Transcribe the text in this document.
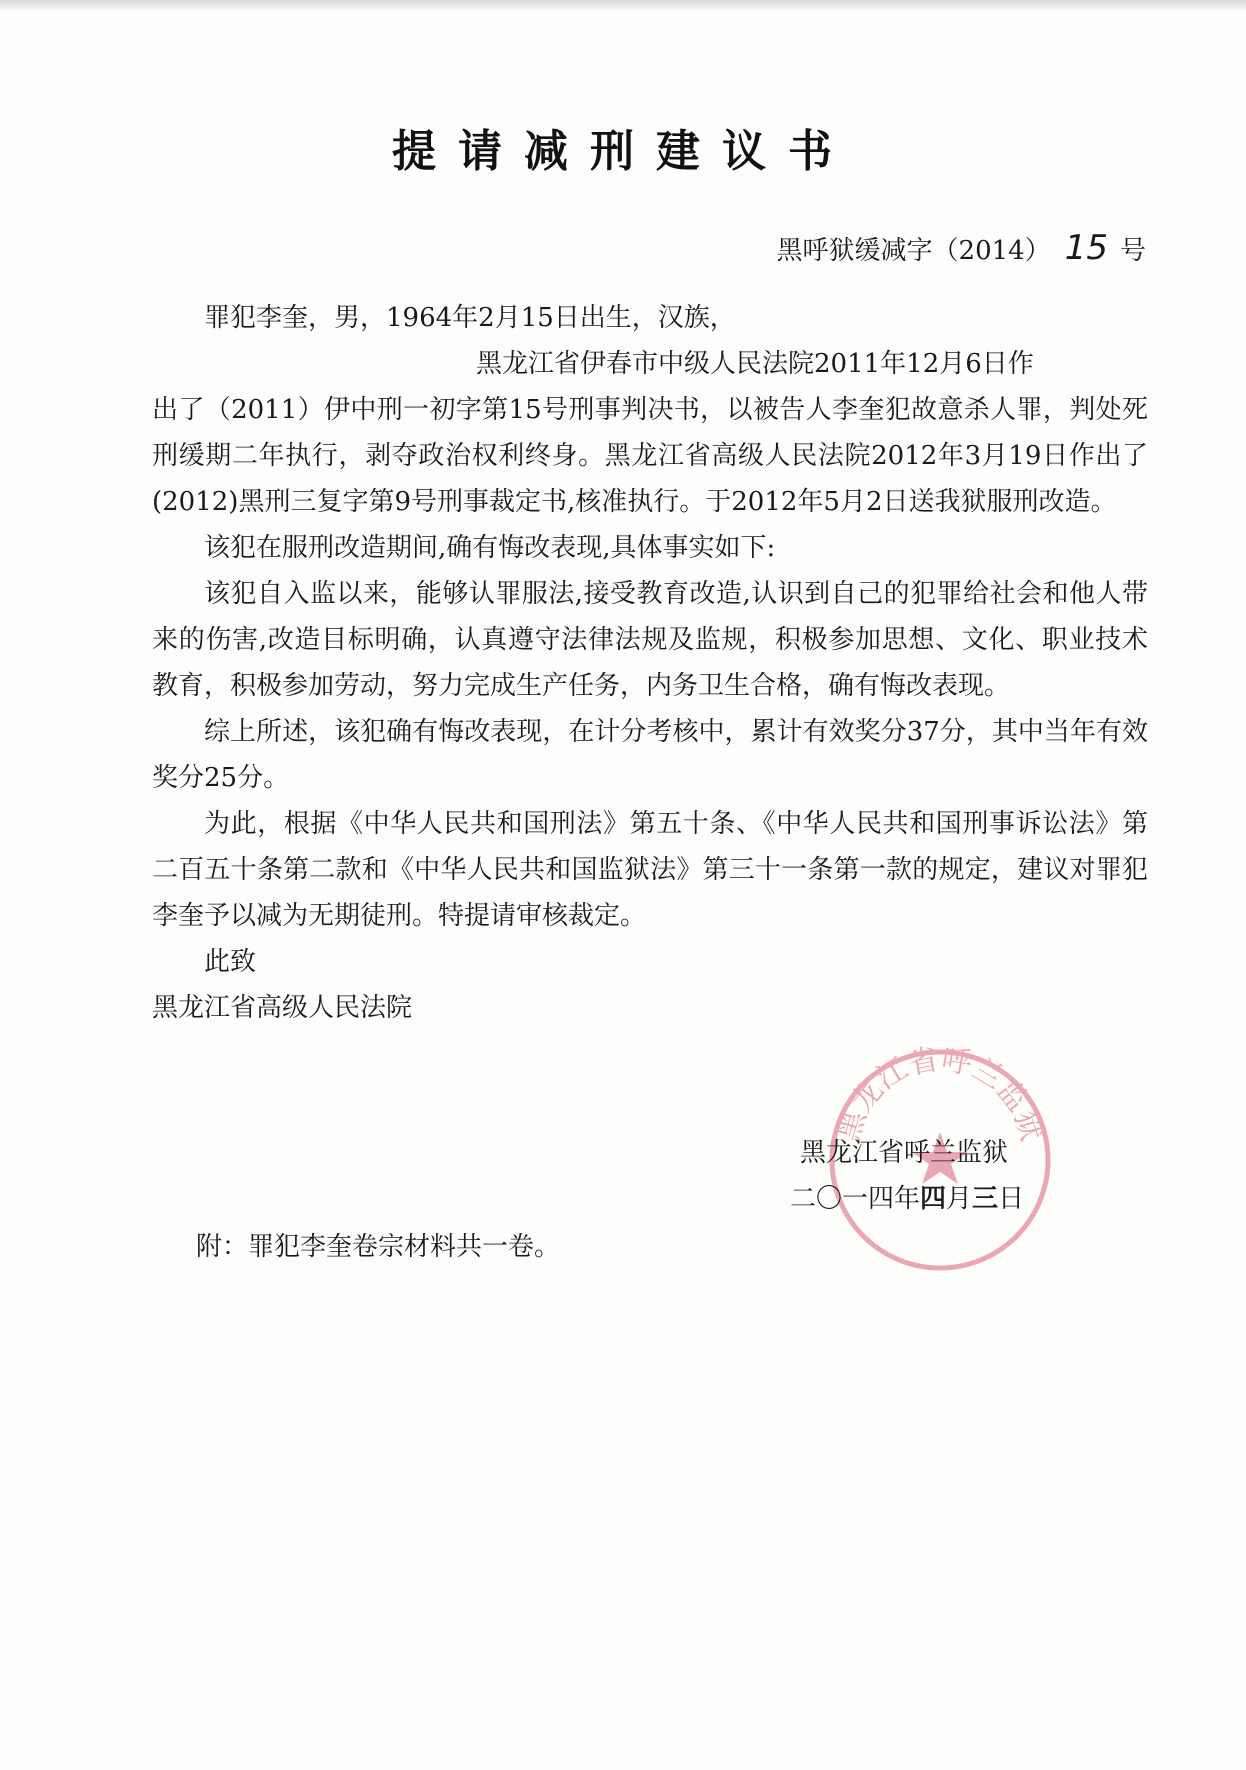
提请减刑建议书
黑呼狱缓减字（2014） 15 号

罪犯李奎，男，1964年2月15日出生，汉族，

黑龙江省伊春市中级人民法院2011年12月6日作

出了（2011）伊中刑一初字第15号刑事判决书，以被告人李奎犯故意杀人罪，判处死刑缓期二年执行，剥夺政治权利终身。黑龙江省高级人民法院2012年3月19日作出了(2012)黑刑三复字第9号刑事裁定书,核准执行。于2012年5月2日送我狱服刑改造。

该犯在服刑改造期间,确有悔改表现,具体事实如下:

该犯自入监以来，能够认罪服法,接受教育改造,认识到自己的犯罪给社会和他人带来的伤害,改造目标明确，认真遵守法律法规及监规，积极参加思想、文化、职业技术教育，积极参加劳动，努力完成生产任务，内务卫生合格，确有悔改表现。

综上所述，该犯确有悔改表现，在计分考核中，累计有效奖分37分，其中当年有效奖分25分。

为此，根据《中华人民共和国刑法》第五十条、《中华人民共和国刑事诉讼法》第二百五十条第二款和《中华人民共和国监狱法》第三十一条第一款的规定，建议对罪犯李奎予以减为无期徒刑。特提请审核裁定。

此致

黑龙江省高级人民法院

黑龙江省呼兰监狱
黑龙江省呼兰监狱
二〇一四年四月三日
附：罪犯李奎卷宗材料共一卷。
